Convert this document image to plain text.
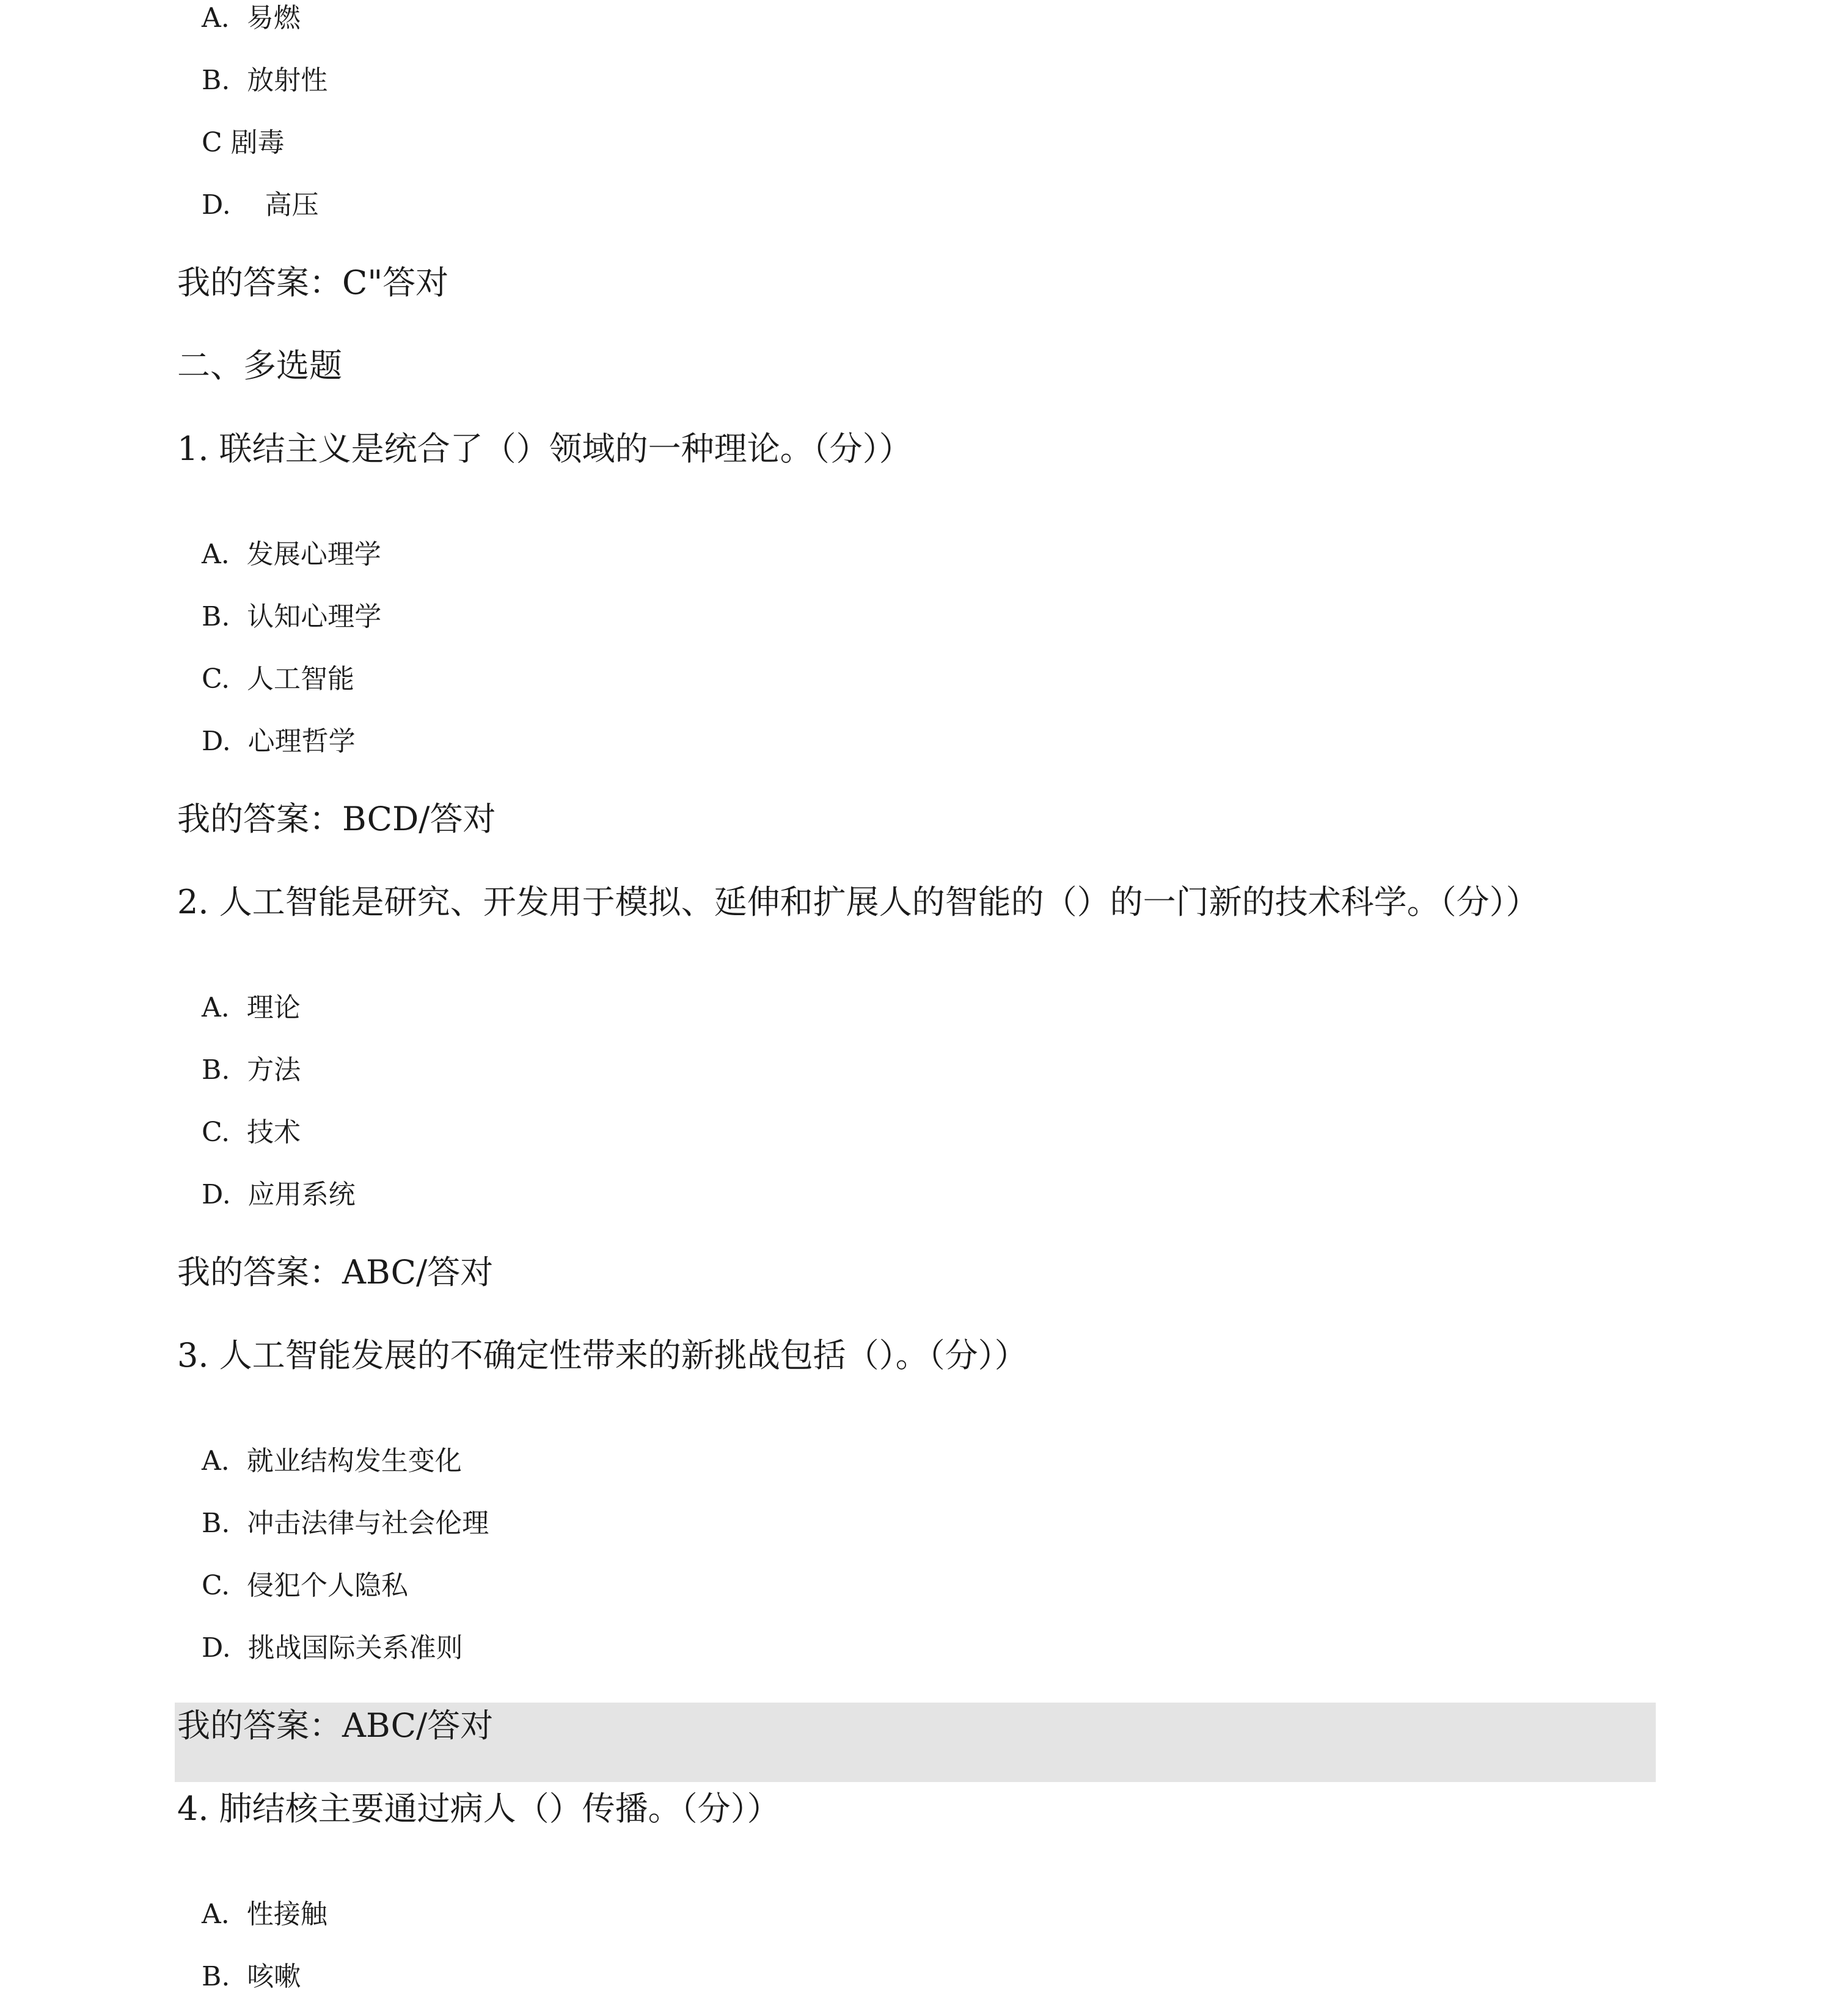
A.  易燃
B.  放射性
C 剧毒
D.    高压
我的答案：C"答对
二、多选题
1. 联结主义是统合了（）领域的一种理论。（分））
A.  发展心理学
B.  认知心理学
C.  人工智能
D.  心理哲学
我的答案：BCD/答对
2. 人工智能是研究、开发用于模拟、延伸和扩展人的智能的（）的一门新的技术科学。（分））
A.  理论
B.  方法
C.  技术
D.  应用系统
我的答案：ABC/答对
3. 人工智能发展的不确定性带来的新挑战包括（）。（分））
A.  就业结构发生变化
B.  冲击法律与社会伦理
C.  侵犯个人隐私
D.  挑战国际关系准则
我的答案：ABC/答对
4. 肺结核主要通过病人（）传播。（分））
A.  性接触
B.  咳嗽
